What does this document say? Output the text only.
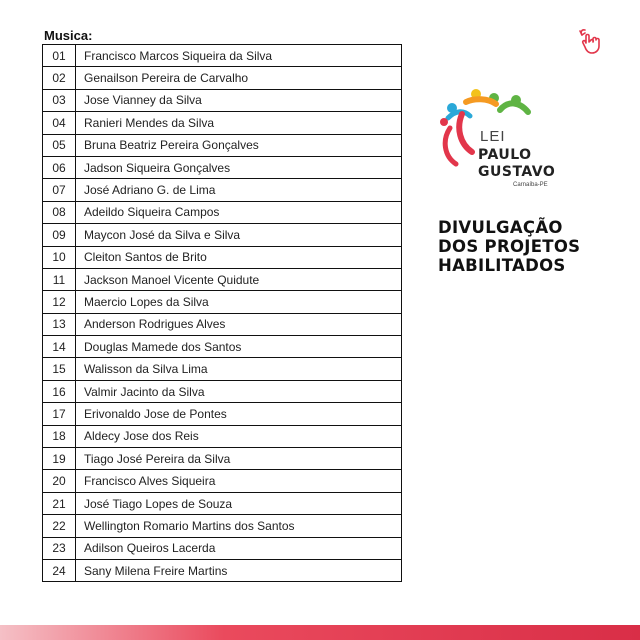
Musica:
01	Francisco Marcos Siqueira da Silva
02	Genailson Pereira de Carvalho
03	Jose Vianney da Silva
04	Ranieri Mendes da Silva
05	Bruna Beatriz Pereira Gonçalves
06	Jadson Siqueira Gonçalves
07	José Adriano G. de Lima
08	Adeildo Siqueira Campos
09	Maycon José da Silva e Silva
10	Cleiton Santos de Brito
11	Jackson Manoel Vicente Quidute
12	Maercio Lopes da Silva
13	Anderson Rodrigues Alves
14	Douglas Mamede dos Santos
15	Walisson da Silva Lima
16	Valmir Jacinto da Silva
17	Erivonaldo Jose de Pontes
18	Aldecy Jose dos Reis
19	Tiago José Pereira da Silva
20	Francisco Alves Siqueira
21	José Tiago Lopes de Souza
22	Wellington Romario Martins dos Santos
23	Adilson Queiros Lacerda
24	Sany Milena Freire Martins
LEI
PAULO
GUSTAVO
Carnaíba-PE
DIVULGAÇÃO
DOS PROJETOS
HABILITADOS
